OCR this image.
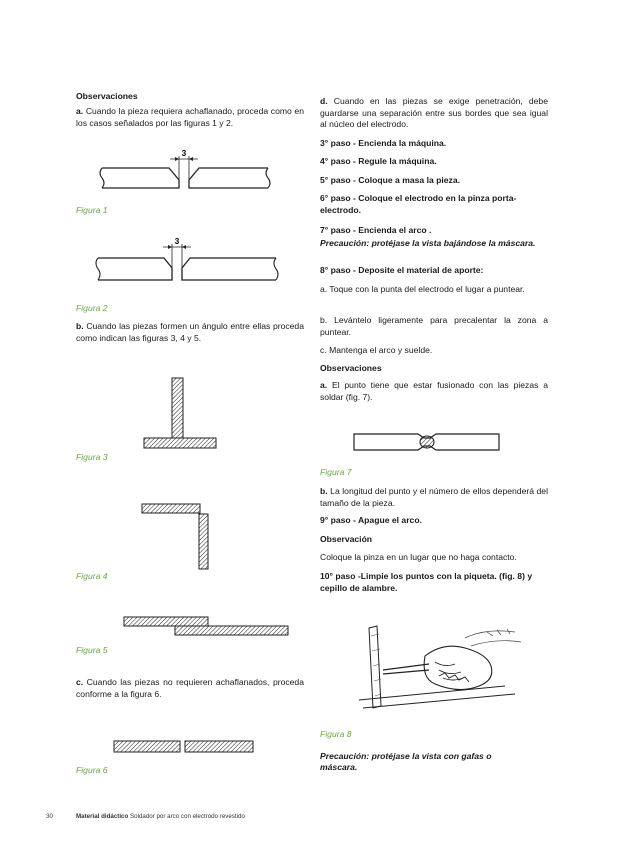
Observaciones
a. Cuando la pieza requiera achaflanado, proceda como en los casos señalados por las figuras 1 y 2.
3
Figura 1
3
Figura 2
b. Cuando las piezas formen un ángulo entre ellas proceda como indican las figuras 3, 4 y 5.
Figura 3
Figura 4
Figura 5
c. Cuando las piezas no requieren achaflanados, proceda conforme a la figura 6.
Figura 6
d. Cuando en las piezas se exige penetración, debe guardarse una separación entre sus bordes que sea igual al núcleo del electrodo.
3° paso - Encienda la máquina.
4° paso - Regule la máquina.
5° paso - Coloque a masa la pieza.
6° paso - Coloque el electrodo en la pinza porta-electrodo.
7° paso - Encienda el arco .
Precaución: protéjase la vista bajándose la máscara.
8° paso - Deposite el material de aporte:
a. Toque con la punta del electrodo el lugar a puntear.
b. Levántelo ligeramente para precalentar la zona a puntear.
c. Mantenga el arco y suelde.
Observaciones
a. El punto tiene que estar fusionado con las piezas a soldar (fig. 7).
Figura 7
b. La longitud del punto y el número de ellos dependerá del tamaño de la pieza.
9° paso - Apague el arco.
Observación
Coloque la pinza en un lugar que no haga contacto.
10° paso -Limpie los puntos con la piqueta. (fig. 8) y cepillo de alambre.
Figura 8
Precaución: protéjase la vista con gafas o máscara.
30	Material didáctico Soldador por arco con electrodo revestido
